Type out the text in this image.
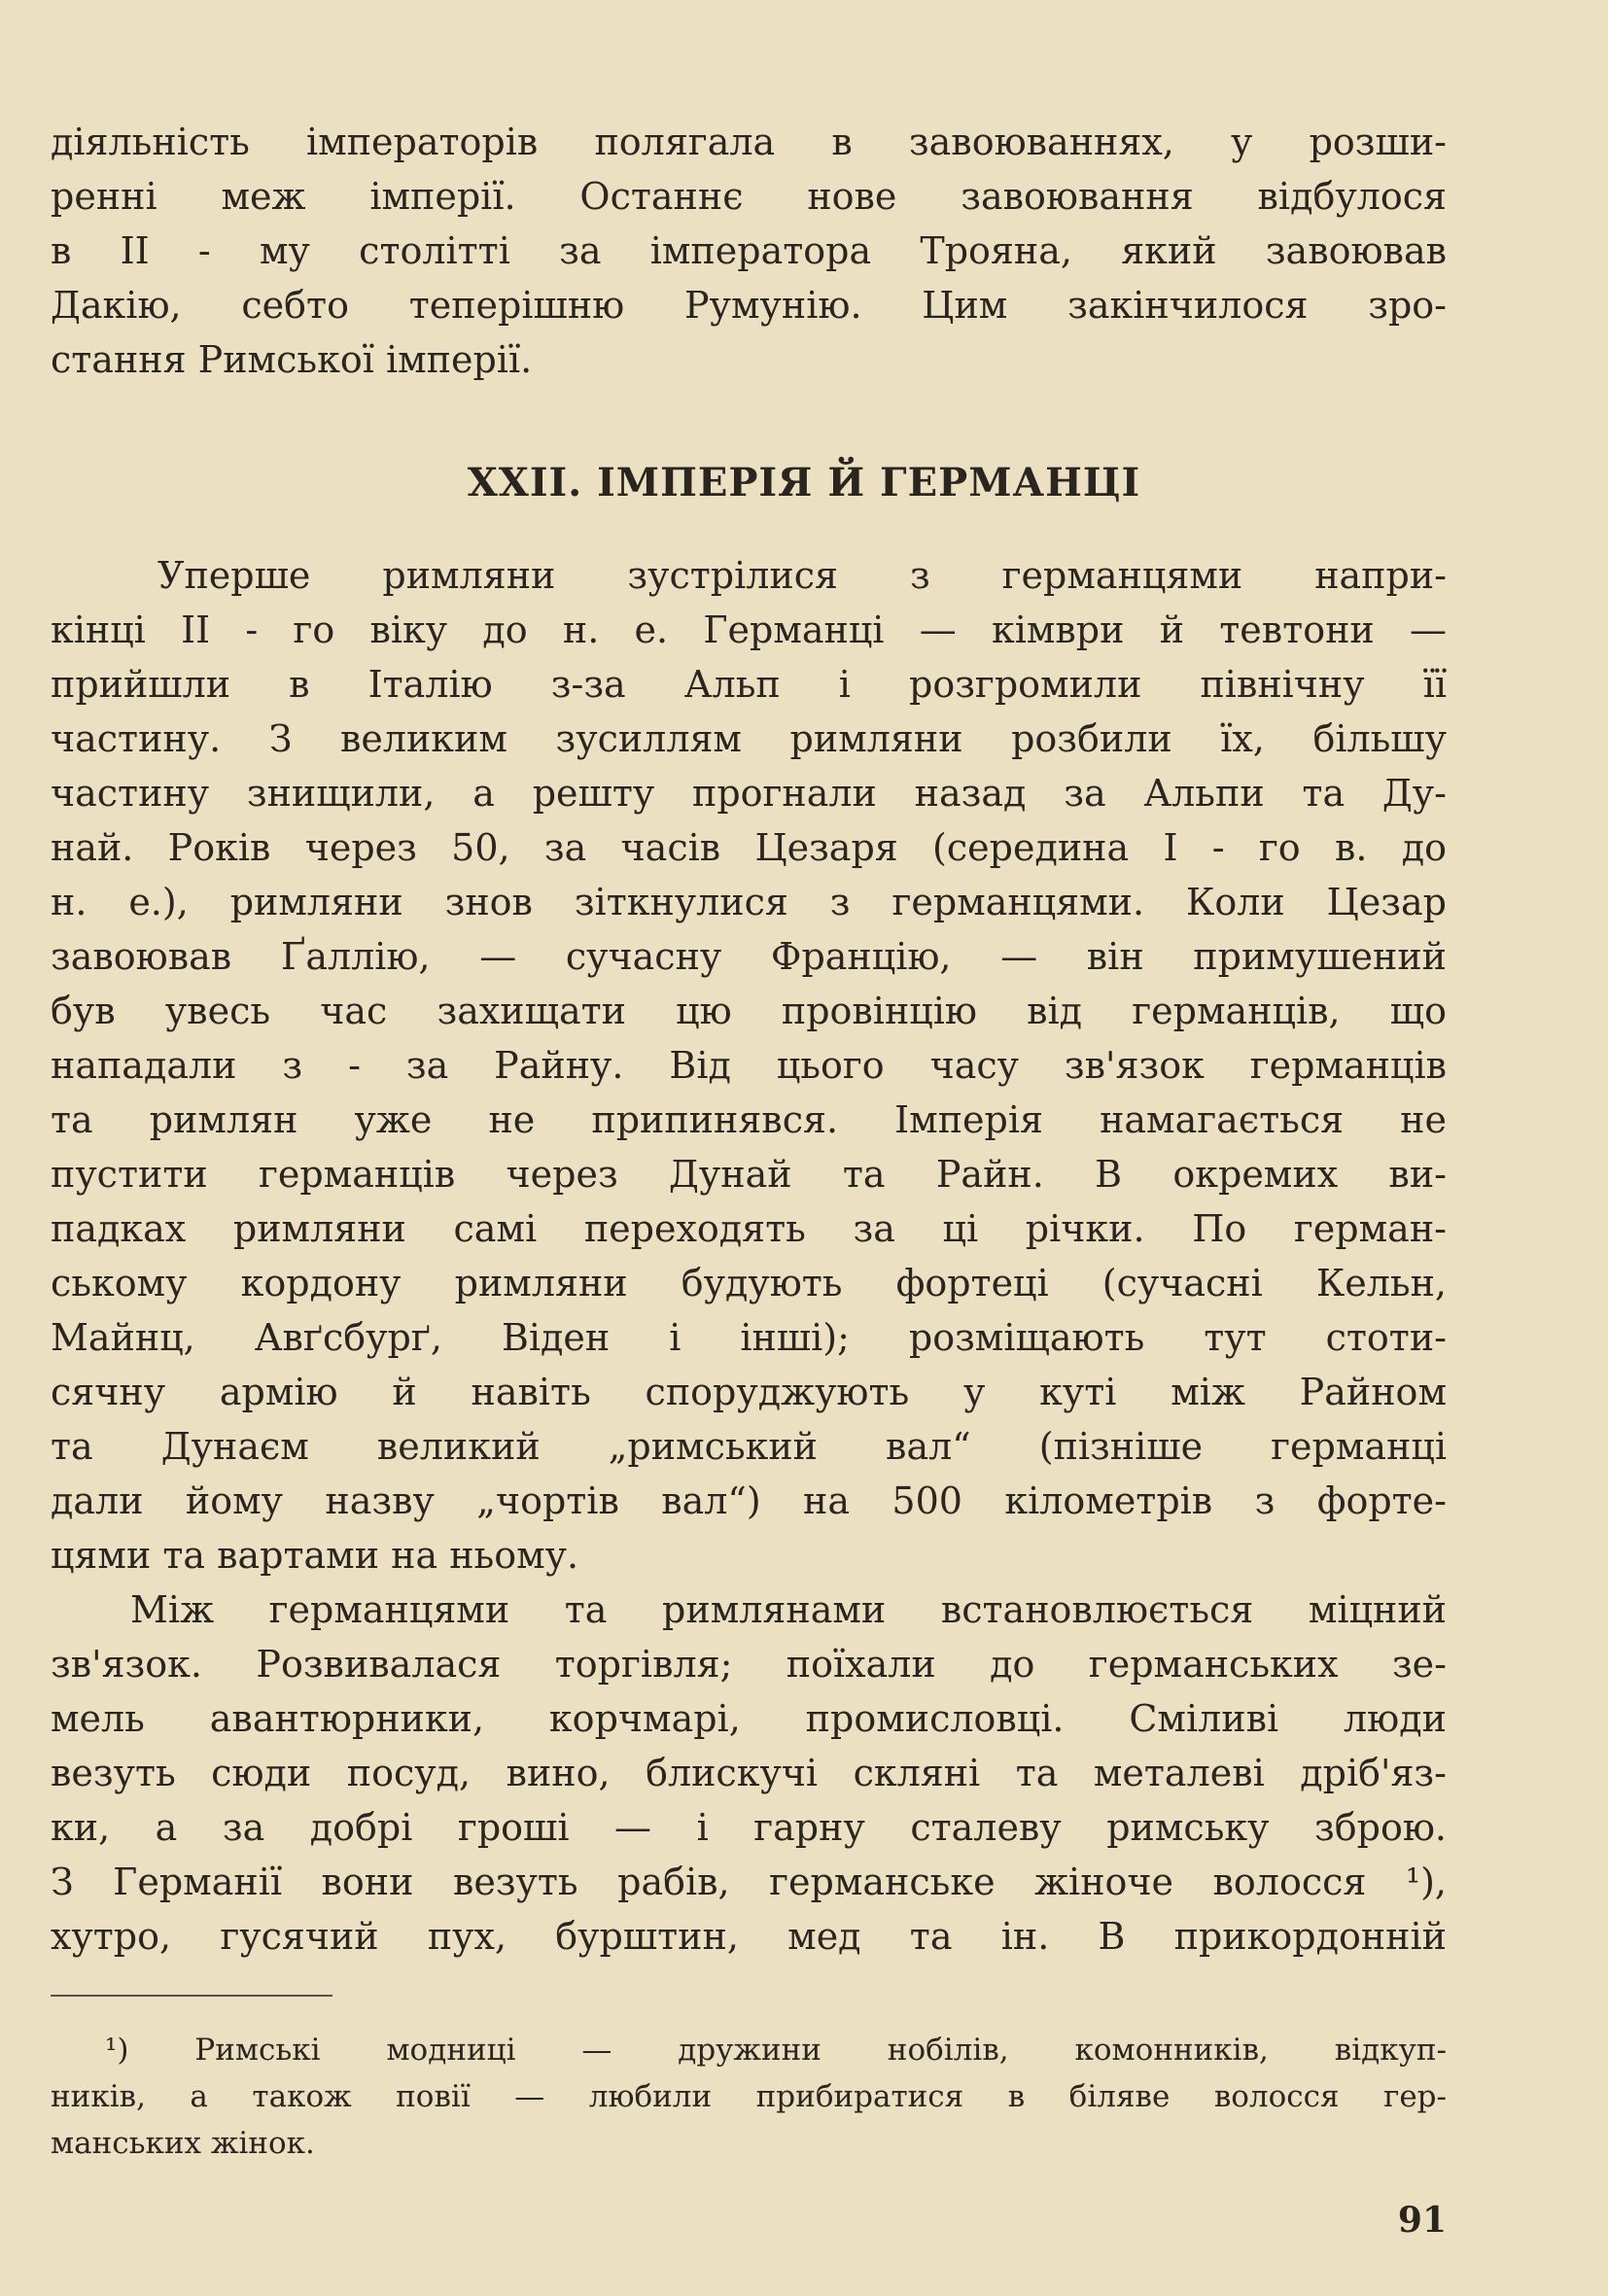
діяльність імператорів полягала в завоюваннях, у розши-
ренні меж імперії. Останнє нове завоювання відбулося
в II - му столітті за імператора Трояна, який завоював
Дакію, себто теперішню Румунію. Цим закінчилося зро-
стання Римської імперії.
XXII. ІМПЕРІЯ Й ГЕРМАНЦІ
Уперше римляни зустрілися з германцями напри-
кінці II - го віку до н. е. Германці — кімври й тевтони —
прийшли в Італію з-за Альп і розгромили північну її
частину. З великим зусиллям римляни розбили їх, більшу
частину знищили, а решту прогнали назад за Альпи та Ду-
най. Років через 50, за часів Цезаря (середина I - го в. до
н. е.), римляни знов зіткнулися з германцями. Коли Цезар
завоював Ґаллію, — сучасну Францію, — він примушений
був увесь час захищати цю провінцію від германців, що
нападали з - за Райну. Від цього часу зв'язок германців
та римлян уже не припинявся. Імперія намагається не
пустити германців через Дунай та Райн. В окремих ви-
падках римляни самі переходять за ці річки. По герман-
ському кордону римляни будують фортеці (сучасні Кельн,
Майнц, Авґсбурґ, Віден і інші); розміщають тут стоти-
сячну армію й навіть споруджують у куті між Райном
та Дунаєм великий „римський вал“ (пізніше германці
дали йому назву „чортів вал“) на 500 кілометрів з форте-
цями та вартами на ньому.
Між германцями та римлянами встановлюється міцний
зв'язок. Розвивалася торгівля; поїхали до германських зе-
мель авантюрники, корчмарі, промисловці. Сміливі люди
везуть сюди посуд, вино, блискучі скляні та металеві дріб'яз-
ки, а за добрі гроші — і гарну сталеву римську зброю.
З Германії вони везуть рабів, германське жіноче волосся ¹),
хутро, гусячий пух, бурштин, мед та ін. В прикордонній
¹) Римські модниці — дружини нобілів, комонників, відкуп-
ників, а також повії — любили прибиратися в біляве волосся гер-
манських жінок.
91
